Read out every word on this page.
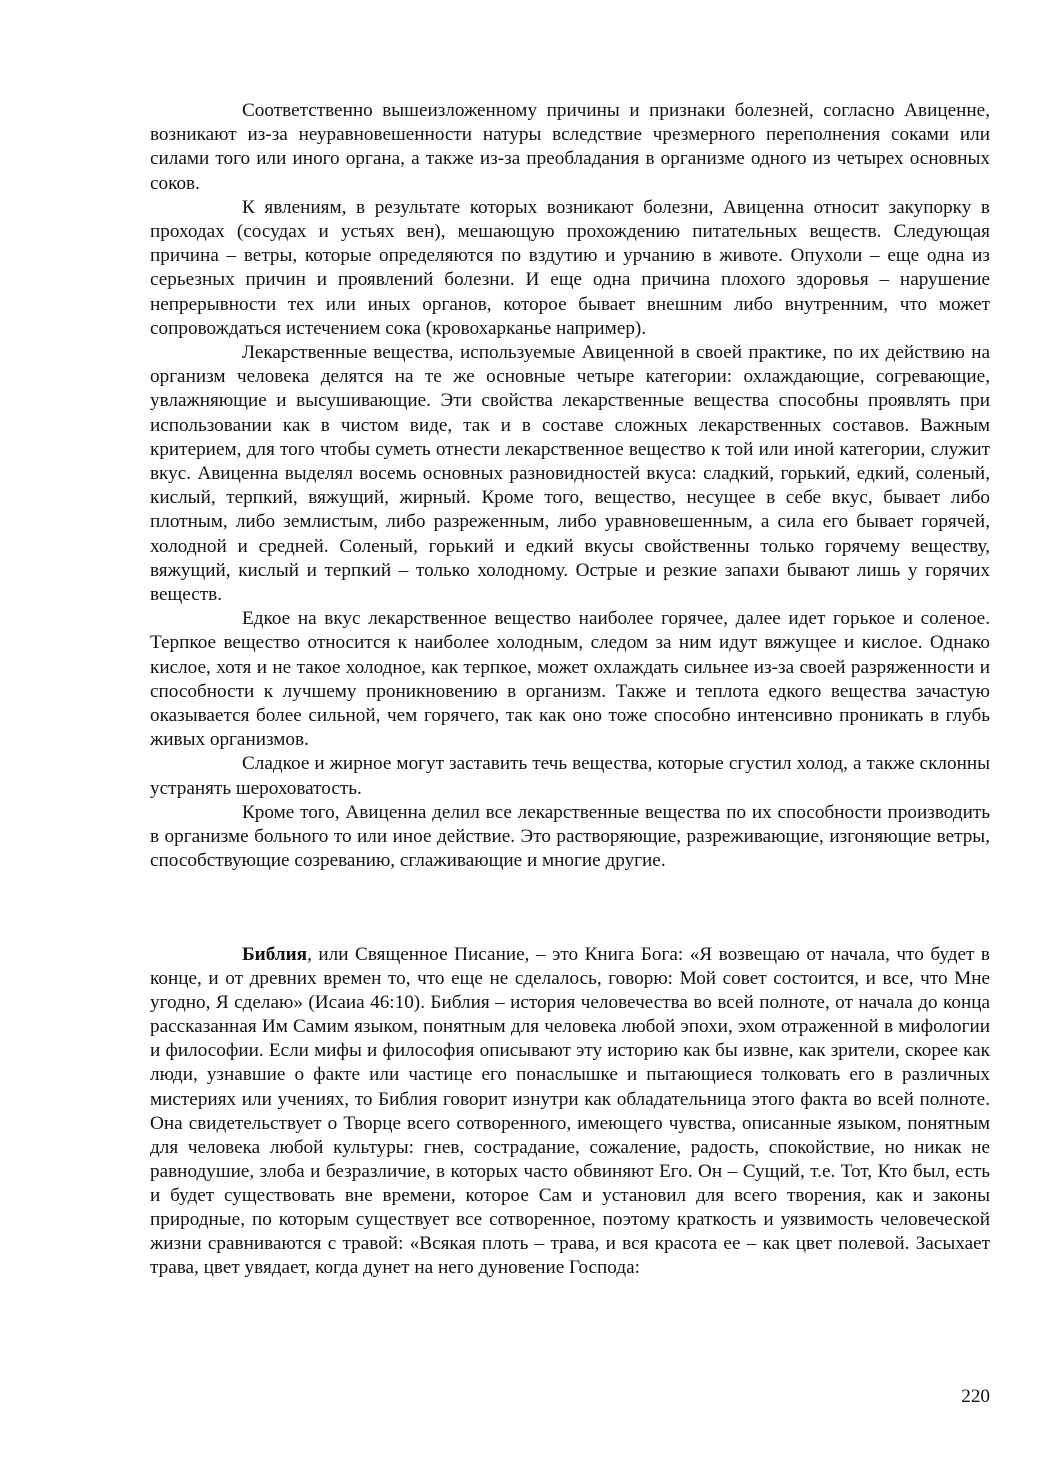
Соответственно вышеизложенному причины и признаки болезней, согласно Авиценне, возникают из-за неуравновешенности натуры вследствие чрезмерного переполнения соками или силами того или иного органа, а также из-за преобладания в организме одного из четырех основных соков.

К явлениям, в результате которых возникают болезни, Авиценна относит закупорку в проходах (сосудах и устьях вен), мешающую прохождению питательных веществ. Следующая причина – ветры, которые определяются по вздутию и урчанию в животе. Опухоли – еще одна из серьезных причин и проявлений болезни. И еще одна причина плохого здоровья – нарушение непрерывности тех или иных органов, которое бывает внешним либо внутренним, что может сопровождаться истечением сока (кровохарканье например).

Лекарственные вещества, используемые Авиценной в своей практике, по их действию на организм человека делятся на те же основные четыре категории: охлаждающие, согревающие, увлажняющие и высушивающие. Эти свойства лекарственные вещества способны проявлять при использовании как в чистом виде, так и в составе сложных лекарственных составов. Важным критерием, для того чтобы суметь отнести лекарственное вещество к той или иной категории, служит вкус. Авиценна выделял восемь основных разновидностей вкуса: сладкий, горький, едкий, соленый, кислый, терпкий, вяжущий, жирный. Кроме того, вещество, несущее в себе вкус, бывает либо плотным, либо землистым, либо разреженным, либо уравновешенным, а сила его бывает горячей, холодной и средней. Соленый, горький и едкий вкусы свойственны только горячему веществу, вяжущий, кислый и терпкий – только холодному. Острые и резкие запахи бывают лишь у горячих веществ.

Едкое на вкус лекарственное вещество наиболее горячее, далее идет горькое и соленое. Терпкое вещество относится к наиболее холодным, следом за ним идут вяжущее и кислое. Однако кислое, хотя и не такое холодное, как терпкое, может охлаждать сильнее из-за своей разряженности и способности к лучшему проникновению в организм. Также и теплота едкого вещества зачастую оказывается более сильной, чем горячего, так как оно тоже способно интенсивно проникать в глубь живых организмов.

Сладкое и жирное могут заставить течь вещества, которые сгустил холод, а также склонны устранять шероховатость.

Кроме того, Авиценна делил все лекарственные вещества по их способности производить в организме больного то или иное действие. Это растворяющие, разреживающие, изгоняющие ветры, способствующие созреванию, сглаживающие и многие другие.

Библия, или Священное Писание, – это Книга Бога: «Я возвещаю от начала, что будет в конце, и от древних времен то, что еще не сделалось, говорю: Мой совет состоится, и все, что Мне угодно, Я сделаю» (Исаиа 46:10). Библия – история человечества во всей полноте, от начала до конца рассказанная Им Самим языком, понятным для человека любой эпохи, эхом отраженной в мифологии и философии. Если мифы и философия описывают эту историю как бы извне, как зрители, скорее как люди, узнавшие о факте или частице его понаслышке и пытающиеся толковать его в различных мистериях или учениях, то Библия говорит изнутри как обладательница этого факта во всей полноте. Она свидетельствует о Творце всего сотворенного, имеющего чувства, описанные языком, понятным для человека любой культуры: гнев, сострадание, сожаление, радость, спокойствие, но никак не равнодушие, злоба и безразличие, в которых часто обвиняют Его. Он – Сущий, т.е. Тот, Кто был, есть и будет существовать вне времени, которое Сам и установил для всего творения, как и законы природные, по которым существует все сотворенное, поэтому краткость и уязвимость человеческой жизни сравниваются с травой: «Всякая плоть – трава, и вся красота ее – как цвет полевой. Засыхает трава, цвет увядает, когда дунет на него дуновение Господа:

220
